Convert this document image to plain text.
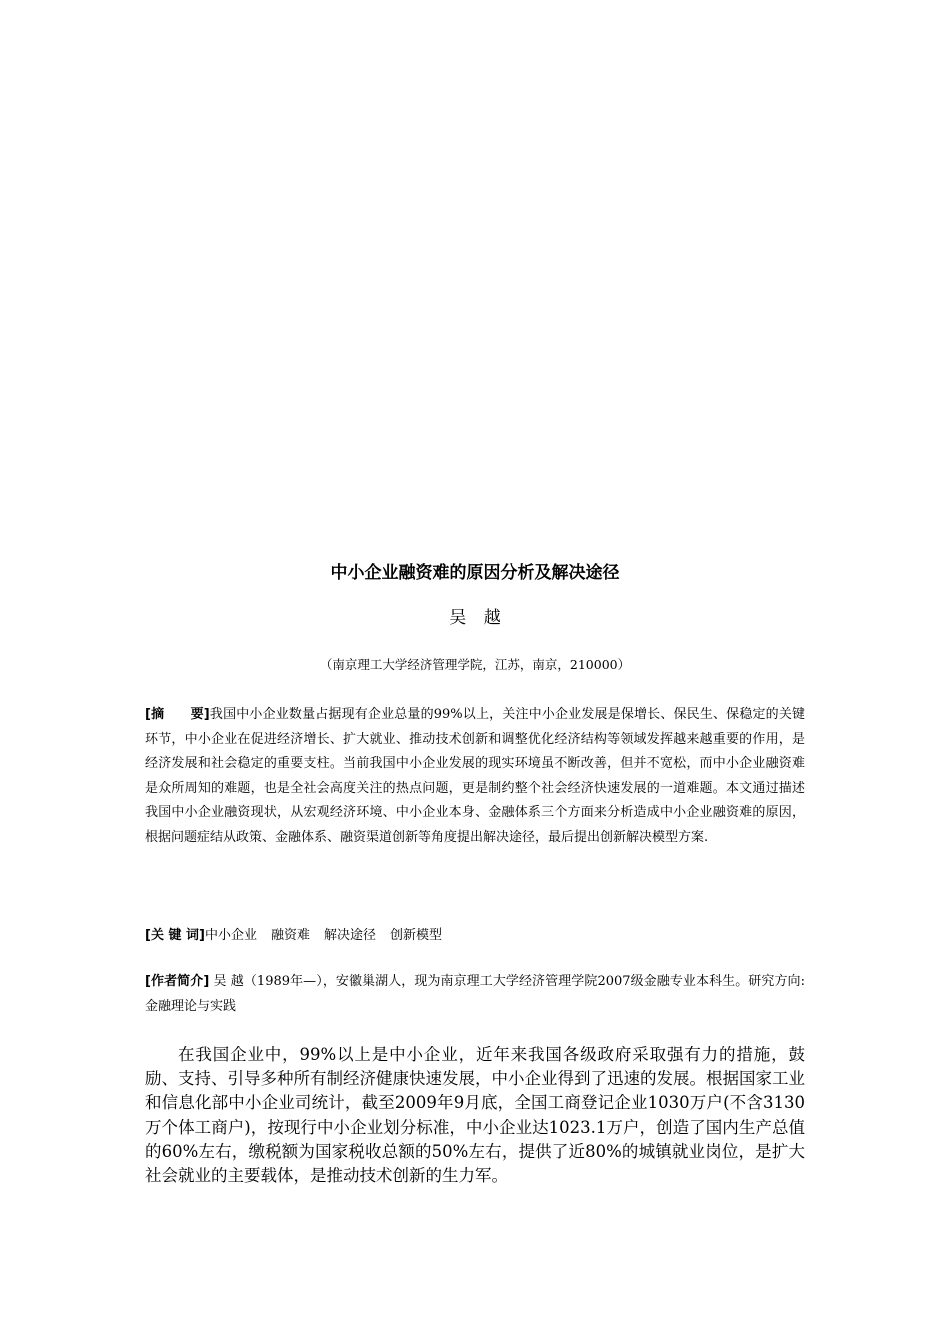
中小企业融资难的原因分析及解决途径
吴 越
（南京理工大学经济管理学院，江苏，南京，210000）
[摘　　要]我国中小企业数量占据现有企业总量的99%以上，关注中小企业发展是保增长、保民生、保稳定的关键环节，中小企业在促进经济增长、扩大就业、推动技术创新和调整优化经济结构等领域发挥越来越重要的作用，是经济发展和社会稳定的重要支柱。当前我国中小企业发展的现实环境虽不断改善，但并不宽松，而中小企业融资难是众所周知的难题，也是全社会高度关注的热点问题，更是制约整个社会经济快速发展的一道难题。本文通过描述我国中小企业融资现状，从宏观经济环境、中小企业本身、金融体系三个方面来分析造成中小企业融资难的原因，根据问题症结从政策、金融体系、融资渠道创新等角度提出解决途径，最后提出创新解决模型方案.
[关 键 词]中小企业 融资难 解决途径 创新模型
[作者简介] 吴 越（1989年—），安徽巢湖人，现为南京理工大学经济管理学院2007级金融专业本科生。研究方向: 金融理论与实践
在我国企业中，99%以上是中小企业，近年来我国各级政府采取强有力的措施，鼓励、支持、引导多种所有制经济健康快速发展，中小企业得到了迅速的发展。根据国家工业和信息化部中小企业司统计，截至2009年9月底，全国工商登记企业1030万户(不含3130万个体工商户)，按现行中小企业划分标准，中小企业达1023.1万户，创造了国内生产总值的60%左右，缴税额为国家税收总额的50%左右，提供了近80%的城镇就业岗位，是扩大社会就业的主要载体，是推动技术创新的生力军。
